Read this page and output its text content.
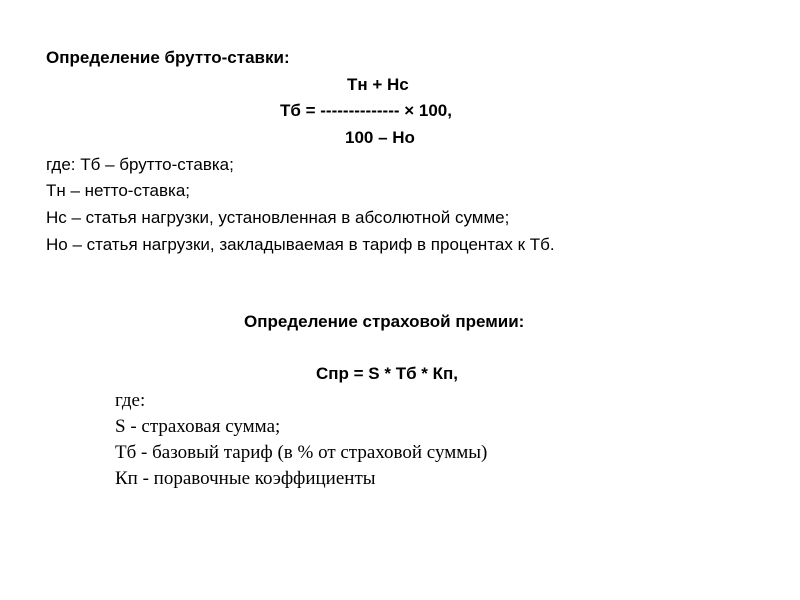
Определение брутто-ставки:

Тн + Нс

Тб = -------------- × 100,

100 – Но

где: Тб – брутто-ставка;

Тн – нетто-ставка;

Нс – статья нагрузки, установленная в абсолютной сумме;

Но – статья нагрузки, закладываемая в тариф в процентах к Тб.

Определение страховой премии:

Спр = S * Тб * Кп,

где:

S - страховая сумма;

Тб - базовый тариф (в % от страховой суммы)

Кп - поравочные коэффициенты
